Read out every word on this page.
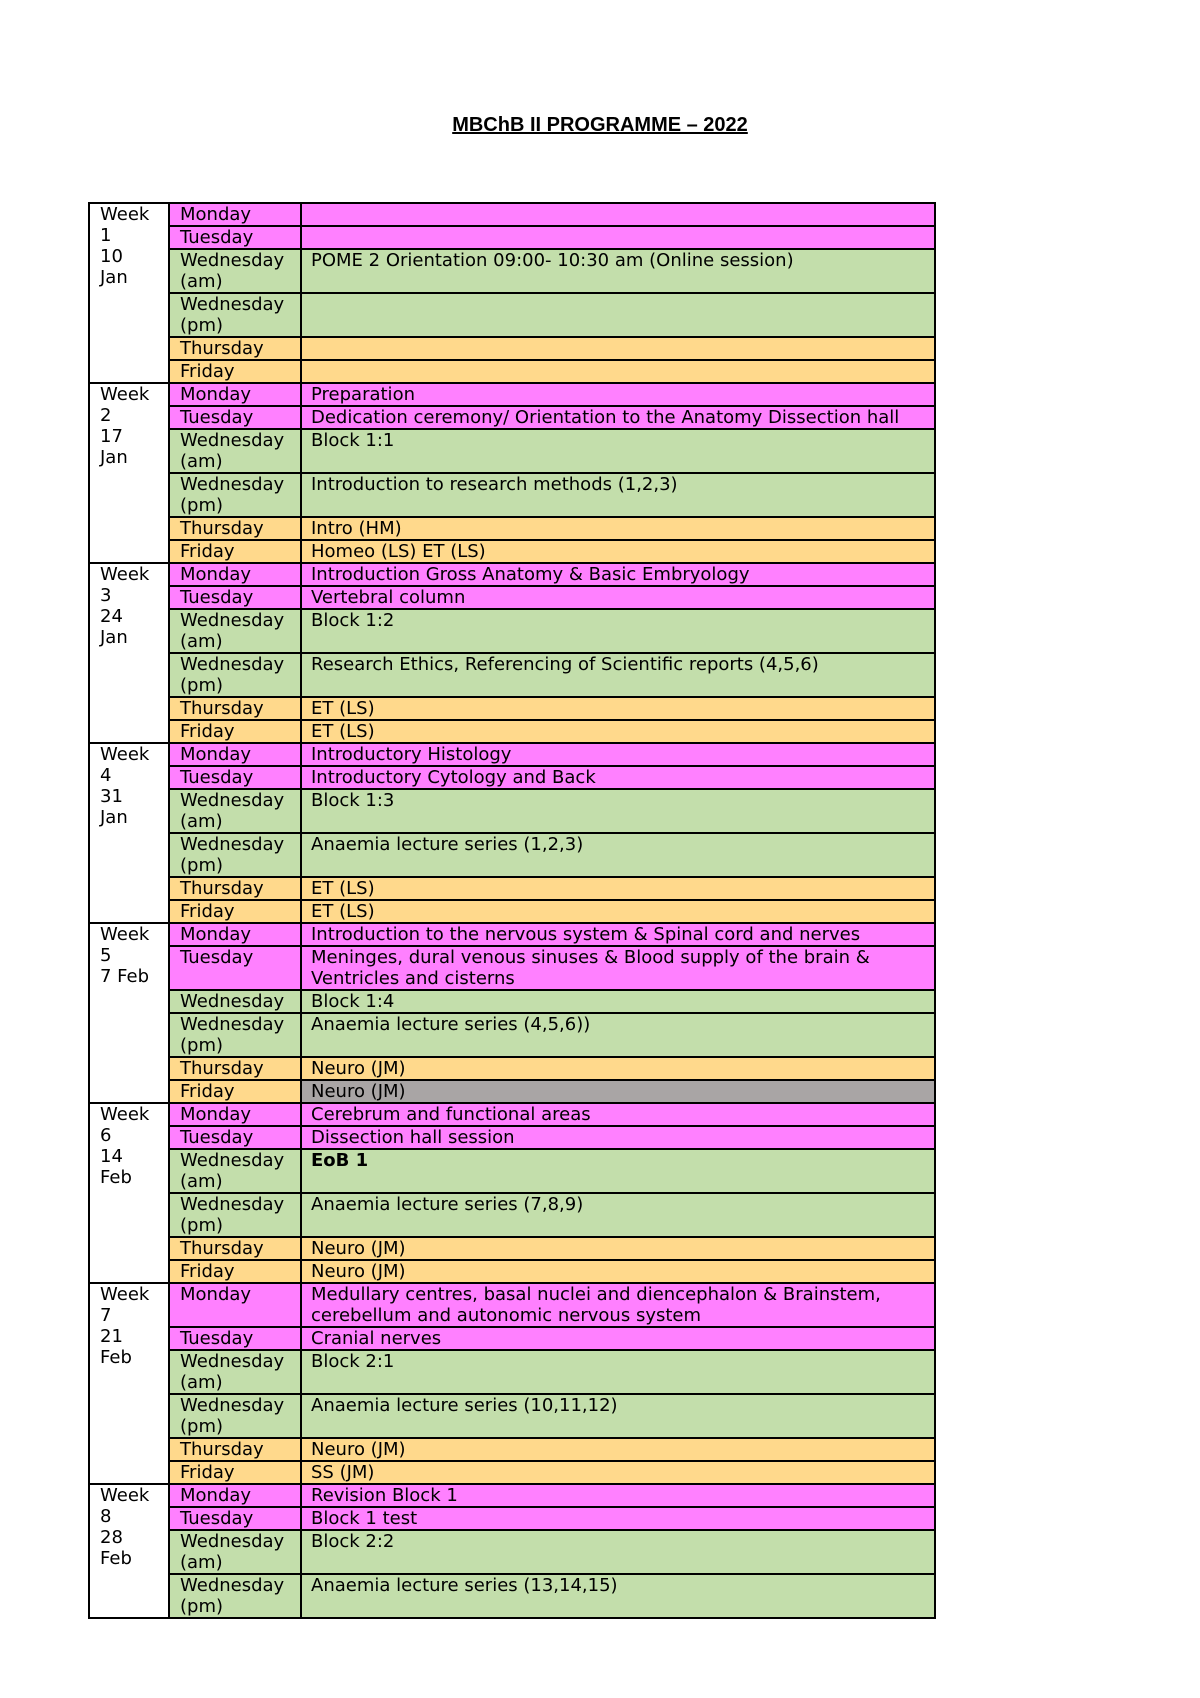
MBChB II PROGRAMME – 2022
Week
1
10
Jan	Monday	

	Tuesday	

	Wednesday
(am)	POME 2 Orientation 09:00- 10:30 am (Online session)

	Wednesday
(pm)	

	Thursday	

	Friday	

Week
2
17
Jan	Monday	Preparation

	Tuesday	Dedication ceremony/ Orientation to the Anatomy Dissection hall

	Wednesday
(am)	Block 1:1

	Wednesday
(pm)	Introduction to research methods (1,2,3)

	Thursday	Intro (HM)

	Friday	Homeo (LS) ET (LS)

Week
3
24
Jan	Monday	Introduction Gross Anatomy & Basic Embryology

	Tuesday	Vertebral column

	Wednesday
(am)	Block 1:2

	Wednesday
(pm)	Research Ethics, Referencing of Scientific reports (4,5,6)

	Thursday	ET (LS)

	Friday	ET (LS)

Week
4
31
Jan	Monday	Introductory Histology

	Tuesday	Introductory Cytology and Back

	Wednesday
(am)	Block 1:3

	Wednesday
(pm)	Anaemia lecture series (1,2,3)

	Thursday	ET (LS)

	Friday	ET (LS)

Week
5
7 Feb	Monday	Introduction to the nervous system & Spinal cord and nerves

	Tuesday	Meninges, dural venous sinuses & Blood supply of the brain &
Ventricles and cisterns

	Wednesday	Block 1:4

	Wednesday
(pm)	Anaemia lecture series (4,5,6))

	Thursday	Neuro (JM)

	Friday	Neuro (JM)

Week
6
14
Feb	Monday	Cerebrum and functional areas

	Tuesday	Dissection hall session

	Wednesday
(am)	EoB 1

	Wednesday
(pm)	Anaemia lecture series (7,8,9)

	Thursday	Neuro (JM)

	Friday	Neuro (JM)

Week
7
21
Feb	Monday	Medullary centres, basal nuclei and diencephalon & Brainstem,
cerebellum and autonomic nervous system

	Tuesday	Cranial nerves

	Wednesday
(am)	Block 2:1

	Wednesday
(pm)	Anaemia lecture series (10,11,12)

	Thursday	Neuro (JM)

	Friday	SS (JM)

Week
8
28
Feb	Monday	Revision Block 1

	Tuesday	Block 1 test

	Wednesday
(am)	Block 2:2

	Wednesday
(pm)	Anaemia lecture series (13,14,15)
